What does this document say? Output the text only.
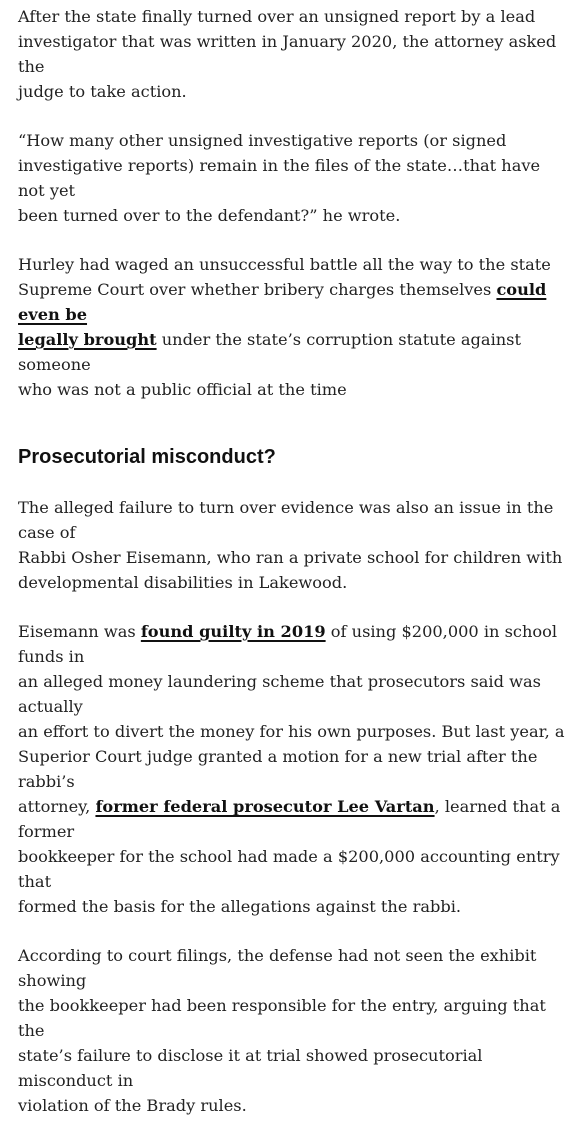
After the state finally turned over an unsigned report by a lead
investigator that was written in January 2020, the attorney asked the
judge to take action.

“How many other unsigned investigative reports (or signed
investigative reports) remain in the files of the state…that have not yet
been turned over to the defendant?” he wrote.

Hurley had waged an unsuccessful battle all the way to the state
Supreme Court over whether bribery charges themselves could even be
legally brought under the state’s corruption statute against someone
who was not a public official at the time

Prosecutorial misconduct?

The alleged failure to turn over evidence was also an issue in the case of
Rabbi Osher Eisemann, who ran a private school for children with
developmental disabilities in Lakewood.

Eisemann was found guilty in 2019 of using $200,000 in school funds in
an alleged money laundering scheme that prosecutors said was actually
an effort to divert the money for his own purposes. But last year, a
Superior Court judge granted a motion for a new trial after the rabbi’s
attorney, former federal prosecutor Lee Vartan, learned that a former
bookkeeper for the school had made a $200,000 accounting entry that
formed the basis for the allegations against the rabbi.

According to court filings, the defense had not seen the exhibit showing
the bookkeeper had been responsible for the entry, arguing that the
state’s failure to disclose it at trial showed prosecutorial misconduct in
violation of the Brady rules.
